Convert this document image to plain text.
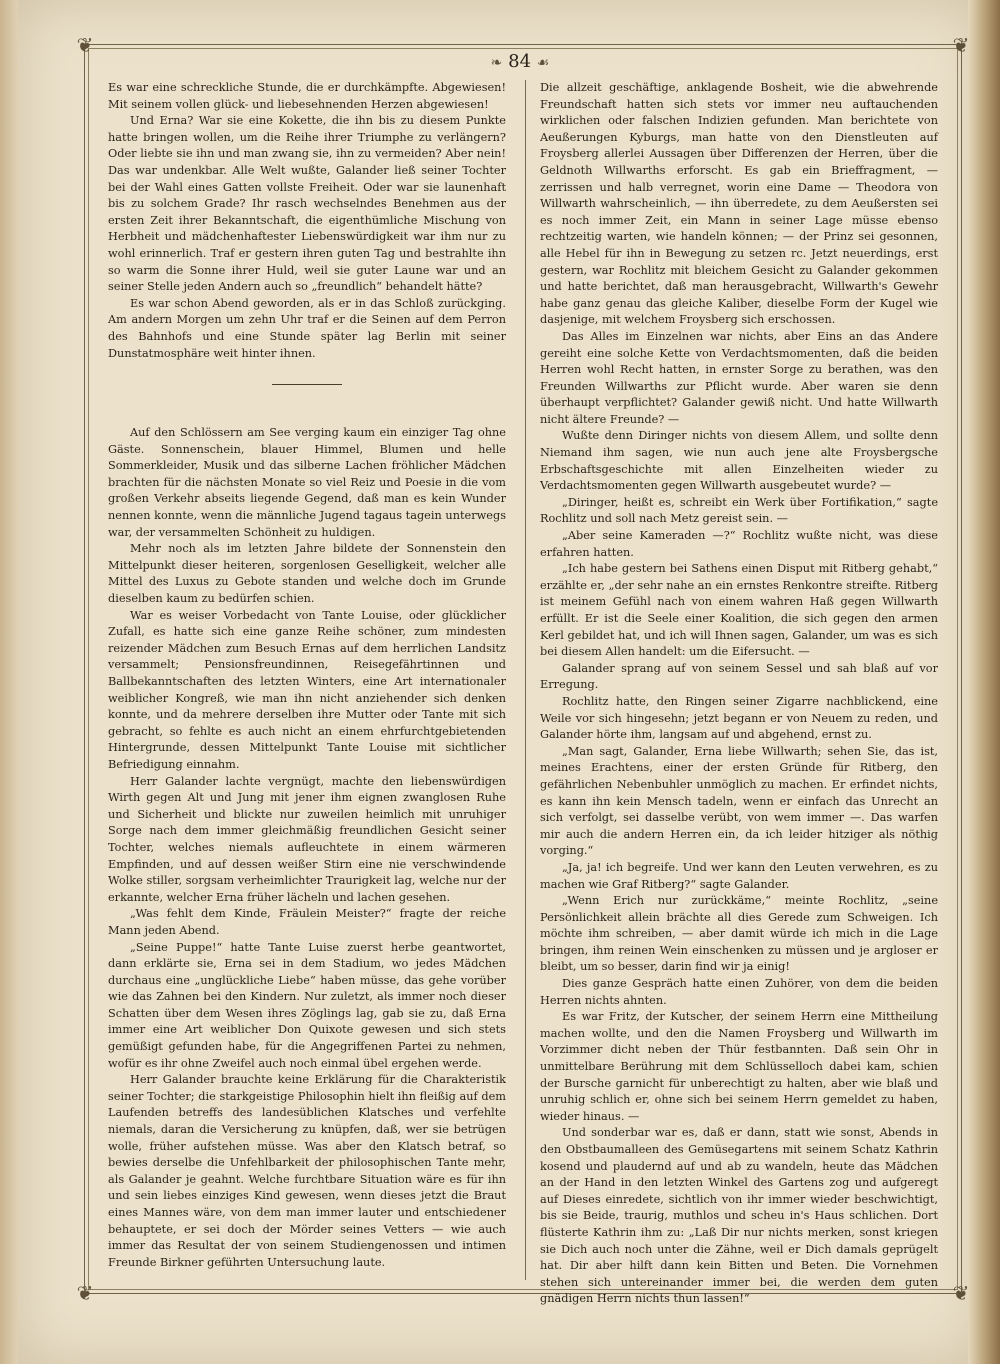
❦	❦
❦	❦
❧ 84 ☙

Es war eine schreckliche Stunde, die er durchkämpfte. Abgewiesen! Mit seinem vollen glück- und liebesehnenden Herzen abgewiesen!

Und Erna? War sie eine Kokette, die ihn bis zu diesem Punkte hatte bringen wollen, um die Reihe ihrer Triumphe zu verlängern? Oder liebte sie ihn und man zwang sie, ihn zu vermeiden? Aber nein! Das war undenkbar. Alle Welt wußte, Galander ließ seiner Tochter bei der Wahl eines Gatten vollste Freiheit. Oder war sie launenhaft bis zu solchem Grade? Ihr rasch wechselndes Benehmen aus der ersten Zeit ihrer Bekanntschaft, die eigenthümliche Mischung von Herbheit und mädchenhaftester Liebenswürdigkeit war ihm nur zu wohl erinnerlich. Traf er gestern ihren guten Tag und bestrahlte ihn so warm die Sonne ihrer Huld, weil sie guter Laune war und an seiner Stelle jeden Andern auch so „freundlich“ behandelt hätte?

Es war schon Abend geworden, als er in das Schloß zurückging. Am andern Morgen um zehn Uhr traf er die Seinen auf dem Perron des Bahnhofs und eine Stunde später lag Berlin mit seiner Dunstatmosphäre weit hinter ihnen.

Auf den Schlössern am See verging kaum ein einziger Tag ohne Gäste. Sonnenschein, blauer Himmel, Blumen und helle Sommerkleider, Musik und das silberne Lachen fröhlicher Mädchen brachten für die nächsten Monate so viel Reiz und Poesie in die vom großen Verkehr abseits liegende Gegend, daß man es kein Wunder nennen konnte, wenn die männliche Jugend tagaus tagein unterwegs war, der versammelten Schönheit zu huldigen.

Mehr noch als im letzten Jahre bildete der Sonnenstein den Mittelpunkt dieser heiteren, sorgenlosen Geselligkeit, welcher alle Mittel des Luxus zu Gebote standen und welche doch im Grunde dieselben kaum zu bedürfen schien.

War es weiser Vorbedacht von Tante Louise, oder glücklicher Zufall, es hatte sich eine ganze Reihe schöner, zum mindesten reizender Mädchen zum Besuch Ernas auf dem herrlichen Landsitz versammelt; Pensionsfreundinnen, Reisegefährtinnen und Ballbekanntschaften des letzten Winters, eine Art internationaler weiblicher Kongreß, wie man ihn nicht anziehender sich denken konnte, und da mehrere derselben ihre Mutter oder Tante mit sich gebracht, so fehlte es auch nicht an einem ehrfurchtgebietenden Hintergrunde, dessen Mittelpunkt Tante Louise mit sichtlicher Befriedigung einnahm.

Herr Galander lachte vergnügt, machte den liebenswürdigen Wirth gegen Alt und Jung mit jener ihm eignen zwanglosen Ruhe und Sicherheit und blickte nur zuweilen heimlich mit unruhiger Sorge nach dem immer gleichmäßig freundlichen Gesicht seiner Tochter, welches niemals aufleuchtete in einem wärmeren Empfinden, und auf dessen weißer Stirn eine nie verschwindende Wolke stiller, sorgsam verheimlichter Traurigkeit lag, welche nur der erkannte, welcher Erna früher lächeln und lachen gesehen.

„Was fehlt dem Kinde, Fräulein Meister?“ fragte der reiche Mann jeden Abend.

„Seine Puppe!“ hatte Tante Luise zuerst herbe geantwortet, dann erklärte sie, Erna sei in dem Stadium, wo jedes Mädchen durchaus eine „unglückliche Liebe“ haben müsse, das gehe vorüber wie das Zahnen bei den Kindern. Nur zuletzt, als immer noch dieser Schatten über dem Wesen ihres Zöglings lag, gab sie zu, daß Erna immer eine Art weiblicher Don Quixote gewesen und sich stets gemüßigt gefunden habe, für die Angegriffenen Partei zu nehmen, wofür es ihr ohne Zweifel auch noch einmal übel ergehen werde.

Herr Galander brauchte keine Erklärung für die Charakteristik seiner Tochter; die starkgeistige Philosophin hielt ihn fleißig auf dem Laufenden betreffs des landesüblichen Klatsches und verfehlte niemals, daran die Versicherung zu knüpfen, daß, wer sie betrügen wolle, früher aufstehen müsse. Was aber den Klatsch betraf, so bewies derselbe die Unfehlbarkeit der philosophischen Tante mehr, als Galander je geahnt. Welche furchtbare Situation wäre es für ihn und sein liebes einziges Kind gewesen, wenn dieses jetzt die Braut eines Mannes wäre, von dem man immer lauter und entschiedener behauptete, er sei doch der Mörder seines Vetters — wie auch immer das Resultat der von seinem Studiengenossen und intimen Freunde Birkner geführten Untersuchung laute.

Die allzeit geschäftige, anklagende Bosheit, wie die abwehrende Freundschaft hatten sich stets vor immer neu auftauchenden wirklichen oder falschen Indizien gefunden. Man berichtete von Aeußerungen Kyburgs, man hatte von den Dienstleuten auf Froysberg allerlei Aussagen über Differenzen der Herren, über die Geldnoth Willwarths erforscht. Es gab ein Brieffragment, — zerrissen und halb verregnet, worin eine Dame — Theodora von Willwarth wahrscheinlich, — ihn überredete, zu dem Aeußersten sei es noch immer Zeit, ein Mann in seiner Lage müsse ebenso rechtzeitig warten, wie handeln können; — der Prinz sei gesonnen, alle Hebel für ihn in Bewegung zu setzen rc. Jetzt neuerdings, erst gestern, war Rochlitz mit bleichem Gesicht zu Galander gekommen und hatte berichtet, daß man herausgebracht, Willwarth's Gewehr habe ganz genau das gleiche Kaliber, dieselbe Form der Kugel wie dasjenige, mit welchem Froysberg sich erschossen.

Das Alles im Einzelnen war nichts, aber Eins an das Andere gereiht eine solche Kette von Verdachtsmomenten, daß die beiden Herren wohl Recht hatten, in ernster Sorge zu berathen, was den Freunden Willwarths zur Pflicht wurde. Aber waren sie denn überhaupt verpflichtet? Galander gewiß nicht. Und hatte Willwarth nicht ältere Freunde? —

Wußte denn Diringer nichts von diesem Allem, und sollte denn Niemand ihm sagen, wie nun auch jene alte Froysbergsche Erbschaftsgeschichte mit allen Einzelheiten wieder zu Verdachtsmomenten gegen Willwarth ausgebeutet wurde? —

„Diringer, heißt es, schreibt ein Werk über Fortifikation,“ sagte Rochlitz und soll nach Metz gereist sein. —

„Aber seine Kameraden —?“ Rochlitz wußte nicht, was diese erfahren hatten.

„Ich habe gestern bei Sathens einen Disput mit Ritberg gehabt,“ erzählte er, „der sehr nahe an ein ernstes Renkontre streifte. Ritberg ist meinem Gefühl nach von einem wahren Haß gegen Willwarth erfüllt. Er ist die Seele einer Koalition, die sich gegen den armen Kerl gebildet hat, und ich will Ihnen sagen, Galander, um was es sich bei diesem Allen handelt: um die Eifersucht. —

Galander sprang auf von seinem Sessel und sah blaß auf vor Erregung.

Rochlitz hatte, den Ringen seiner Zigarre nachblickend, eine Weile vor sich hingesehn; jetzt begann er von Neuem zu reden, und Galander hörte ihm, langsam auf und abgehend, ernst zu.

„Man sagt, Galander, Erna liebe Willwarth; sehen Sie, das ist, meines Erachtens, einer der ersten Gründe für Ritberg, den gefährlichen Nebenbuhler unmöglich zu machen. Er erfindet nichts, es kann ihn kein Mensch tadeln, wenn er einfach das Unrecht an sich verfolgt, sei dasselbe verübt, von wem immer —. Das warfen mir auch die andern Herren ein, da ich leider hitziger als nöthig vorging.“

„Ja, ja! ich begreife. Und wer kann den Leuten verwehren, es zu machen wie Graf Ritberg?“ sagte Galander.

„Wenn Erich nur zurückkäme,“ meinte Rochlitz, „seine Persönlichkeit allein brächte all dies Gerede zum Schweigen. Ich möchte ihm schreiben, — aber damit würde ich mich in die Lage bringen, ihm reinen Wein einschenken zu müssen und je argloser er bleibt, um so besser, darin find wir ja einig!

Dies ganze Gespräch hatte einen Zuhörer, von dem die beiden Herren nichts ahnten.

Es war Fritz, der Kutscher, der seinem Herrn eine Mittheilung machen wollte, und den die Namen Froysberg und Willwarth im Vorzimmer dicht neben der Thür festbannten. Daß sein Ohr in unmittelbare Berührung mit dem Schlüsselloch dabei kam, schien der Bursche garnicht für unberechtigt zu halten, aber wie blaß und unruhig schlich er, ohne sich bei seinem Herrn gemeldet zu haben, wieder hinaus. —

Und sonderbar war es, daß er dann, statt wie sonst, Abends in den Obstbaumalleen des Gemüsegartens mit seinem Schatz Kathrin kosend und plaudernd auf und ab zu wandeln, heute das Mädchen an der Hand in den letzten Winkel des Gartens zog und aufgeregt auf Dieses einredete, sichtlich von ihr immer wieder beschwichtigt, bis sie Beide, traurig, muthlos und scheu in's Haus schlichen. Dort flüsterte Kathrin ihm zu: „Laß Dir nur nichts merken, sonst kriegen sie Dich auch noch unter die Zähne, weil er Dich damals geprügelt hat. Dir aber hilft dann kein Bitten und Beten. Die Vornehmen stehen sich untereinander immer bei, die werden dem guten gnädigen Herrn nichts thun lassen!“
